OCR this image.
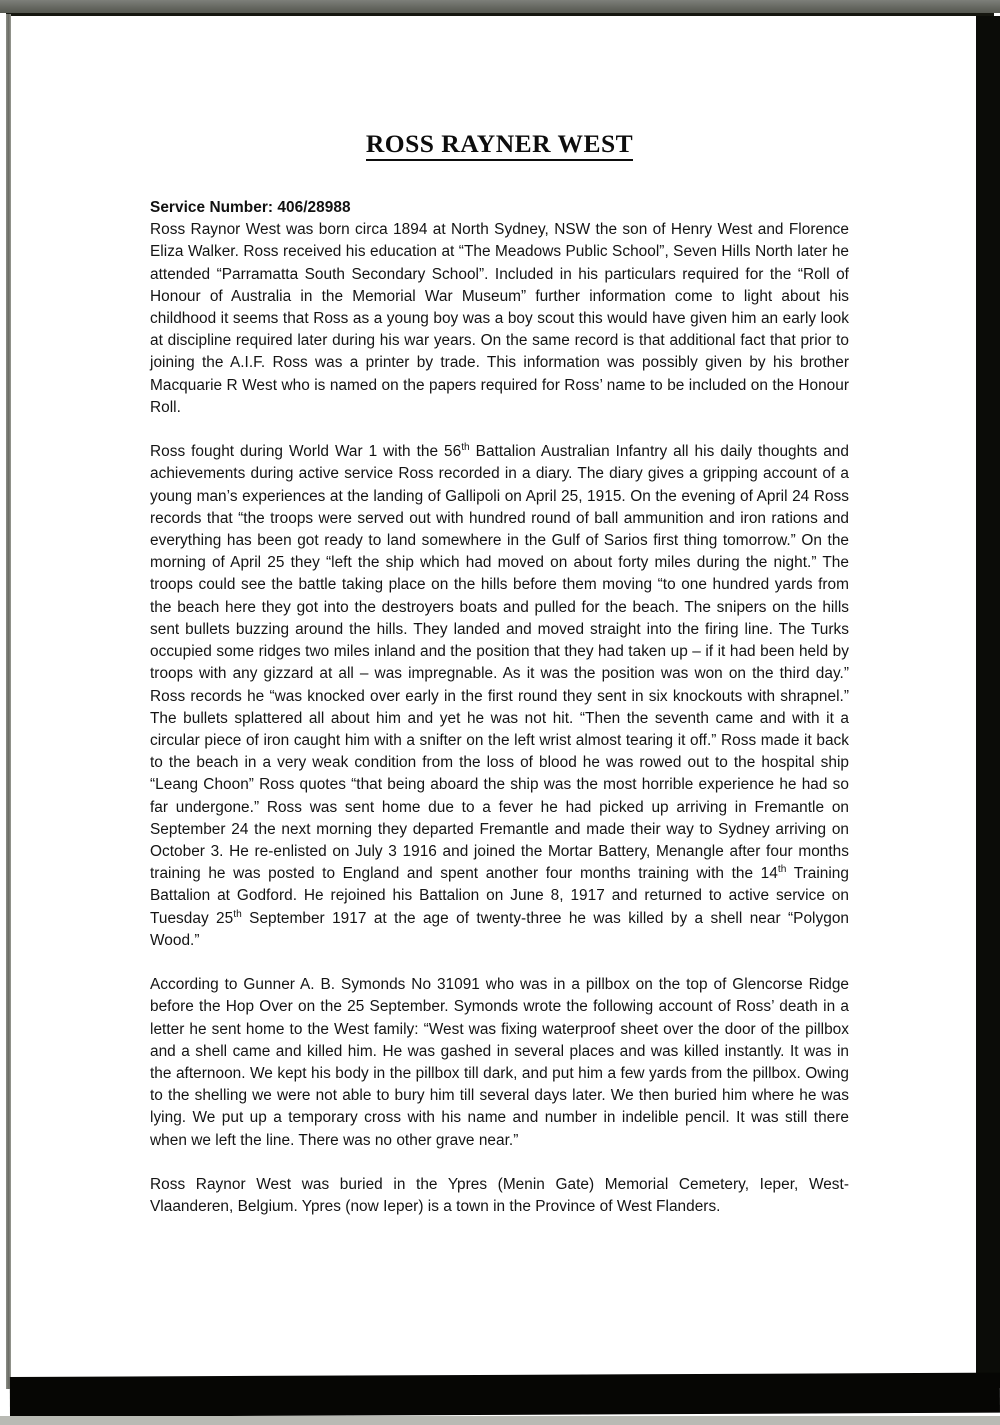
ROSS RAYNER WEST

Service Number: 406/28988

Ross Raynor West was born circa 1894 at North Sydney, NSW the son of Henry West and Florence Eliza Walker. Ross received his education at “The Meadows Public School”, Seven Hills North later he attended “Parramatta South Secondary School”. Included in his particulars required for the “Roll of Honour of Australia in the Memorial War Museum” further information come to light about his childhood it seems that Ross as a young boy was a boy scout this would have given him an early look at discipline required later during his war years. On the same record is that additional fact that prior to joining the A.I.F. Ross was a printer by trade. This information was possibly given by his brother Macquarie R West who is named on the papers required for Ross’ name to be included on the Honour Roll.

Ross fought during World War 1 with the 56th Battalion Australian Infantry all his daily thoughts and achievements during active service Ross recorded in a diary. The diary gives a gripping account of a young man’s experiences at the landing of Gallipoli on April 25, 1915. On the evening of April 24 Ross records that “the troops were served out with hundred round of ball ammunition and iron rations and everything has been got ready to land somewhere in the Gulf of Sarios first thing tomorrow.” On the morning of April 25 they “left the ship which had moved on about forty miles during the night.” The troops could see the battle taking place on the hills before them moving “to one hundred yards from the beach here they got into the destroyers boats and pulled for the beach. The snipers on the hills sent bullets buzzing around the hills. They landed and moved straight into the firing line. The Turks occupied some ridges two miles inland and the position that they had taken up – if it had been held by troops with any gizzard at all – was impregnable. As it was the position was won on the third day.” Ross records he “was knocked over early in the first round they sent in six knockouts with shrapnel.” The bullets splattered all about him and yet he was not hit. “Then the seventh came and with it a circular piece of iron caught him with a snifter on the left wrist almost tearing it off.” Ross made it back to the beach in a very weak condition from the loss of blood he was rowed out to the hospital ship “Leang Choon” Ross quotes “that being aboard the ship was the most horrible experience he had so far undergone.” Ross was sent home due to a fever he had picked up arriving in Fremantle on September 24 the next morning they departed Fremantle and made their way to Sydney arriving on October 3. He re-enlisted on July 3 1916 and joined the Mortar Battery, Menangle after four months training he was posted to England and spent another four months training with the 14th Training Battalion at Godford. He rejoined his Battalion on June 8, 1917 and returned to active service on Tuesday 25th September 1917 at the age of twenty-three he was killed by a shell near “Polygon Wood.”

According to Gunner A. B. Symonds No 31091 who was in a pillbox on the top of Glencorse Ridge before the Hop Over on the 25 September. Symonds wrote the following account of Ross’ death in a letter he sent home to the West family: “West was fixing waterproof sheet over the door of the pillbox and a shell came and killed him. He was gashed in several places and was killed instantly. It was in the afternoon. We kept his body in the pillbox till dark, and put him a few yards from the pillbox. Owing to the shelling we were not able to bury him till several days later. We then buried him where he was lying. We put up a temporary cross with his name and number in indelible pencil. It was still there when we left the line. There was no other grave near.”

Ross Raynor West was buried in the Ypres (Menin Gate) Memorial Cemetery, Ieper, West-Vlaanderen, Belgium. Ypres (now Ieper) is a town in the Province of West Flanders.
